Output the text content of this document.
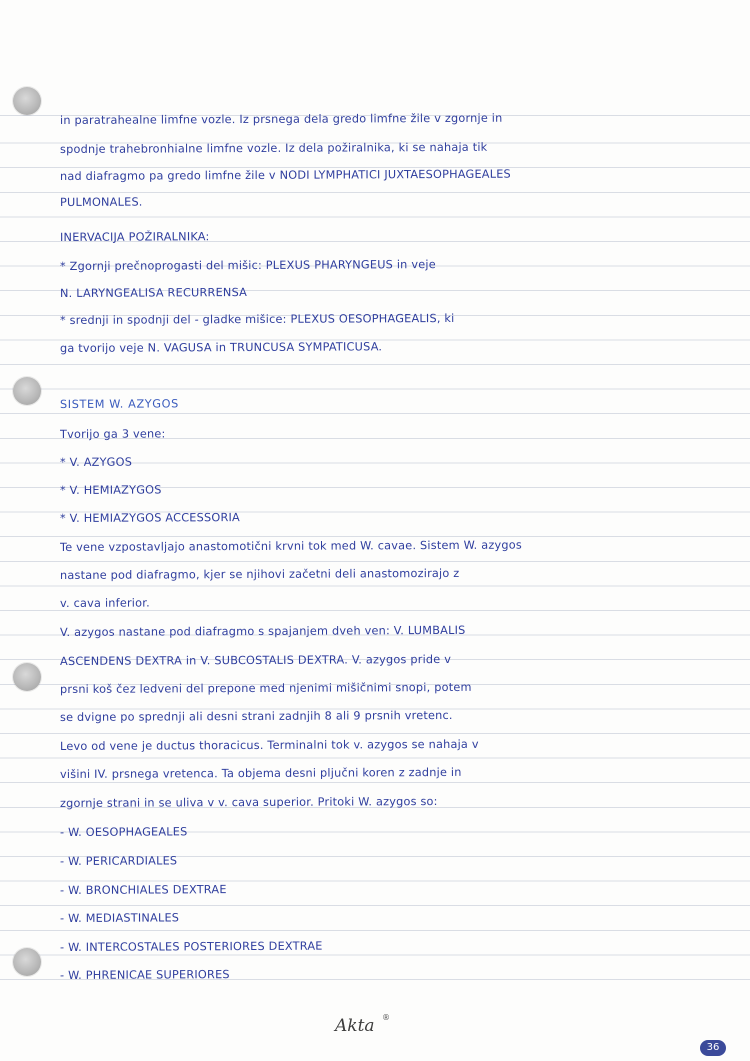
in paratrahealne limfne vozle. Iz prsnega dela gredo limfne žile v zgornje in
spodnje trahebronhialne limfne vozle. Iz dela požiralnika, ki se nahaja tik
nad diafragmo pa gredo limfne žile v NODI LYMPHATICI JUXTAESOPHAGEALES
PULMONALES.
INERVACIJA POŽIRALNIKA:
* Zgornji prečnoprogasti del mišic: PLEXUS PHARYNGEUS in veje
N. LARYNGEALISA RECURRENSA
* srednji in spodnji del - gladke mišice: PLEXUS OESOPHAGEALIS, ki
ga tvorijo veje N. VAGUSA in TRUNCUSA SYMPATICUSA.
SISTEM W. AZYGOS
Tvorijo ga 3 vene:
* V. AZYGOS
* V. HEMIAZYGOS
* V. HEMIAZYGOS ACCESSORIA
Te vene vzpostavljajo anastomotični krvni tok med W. cavae. Sistem W. azygos
nastane pod diafragmo, kjer se njihovi začetni deli anastomozirajo z
v. cava inferior.
V. azygos nastane pod diafragmo s spajanjem dveh ven: V. LUMBALIS
ASCENDENS DEXTRA in V. SUBCOSTALIS DEXTRA. V. azygos pride v
prsni koš čez ledveni del prepone med njenimi mišičnimi snopi, potem
se dvigne po sprednji ali desni strani zadnjih 8 ali 9 prsnih vretenc.
Levo od vene je ductus thoracicus. Terminalni tok v. azygos se nahaja v
višini IV. prsnega vretenca. Ta objema desni pljučni koren z zadnje in
zgornje strani in se uliva v v. cava superior. Pritoki W. azygos so:
- W. OESOPHAGEALES
- W. PERICARDIALES
- W. BRONCHIALES DEXTRAE
- W. MEDIASTINALES
- W. INTERCOSTALES POSTERIORES DEXTRAE
- W. PHRENICAE SUPERIORES
Akta ®
36
